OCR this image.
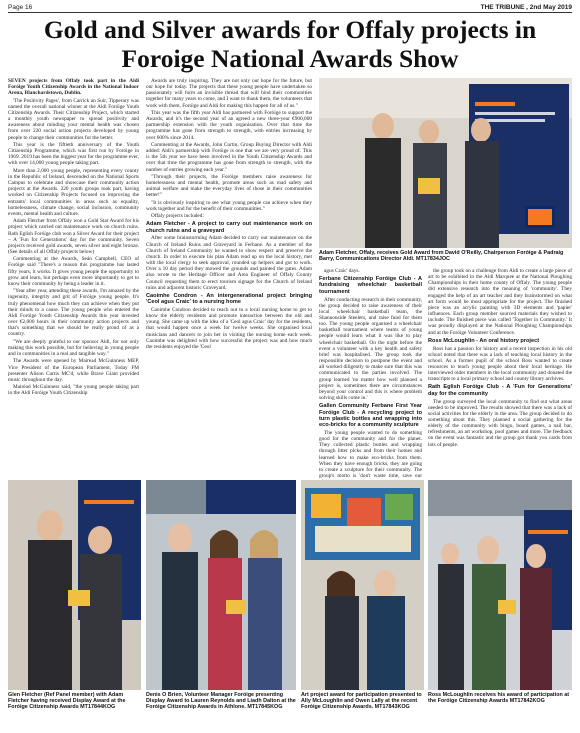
Page 16	THE TRIBUNE , 2nd May 2019
Gold and Silver awards for Offaly projects in Foroige National Awards Show

SEVEN projects from Offaly took part in the Aldi Foróige Youth Citizenship Awards in the National Indoor Arena, Blanchardstown, Dublin.

'The Positivity Pages', from Carrick an Suir, Tipperary was named the overall national winner at the Aldi Foróige Youth Citizenship Awards. Their Citizenship Project, which started a monthly youth newspaper to spread positivity and awareness about minding your mental health was chosen from over 220 social action projects developed by young people to change their communities for the better.

This year is the fiftieth anniversary of the Youth Citizenship Programme, which was first run by Foróige in 1969. 2019 has been the biggest year for the programme ever, with over 14,000 young people taking part.

More than 2,000 young people, representing every county in the Republic of Ireland, descended on the National Sports Campus to celebrate and showcase their community action projects at the Awards. 220 youth groups took part, having worked on Citizenship Projects focused on improving the entrants' local communities in areas such as equality, homelessness, climate change, social inclusion, community events, mental health and culture.

Adam Fletcher from Offaly won a Gold Star Award for his project which carried out maintenance work on church ruins. Rath Eglish Foróige club won a Silver Award for their project – A 'Fun for Generations' day for the community. Seven projects received gold awards, seven silver and eight bronze. (See details of all Offaly projects below)

Commenting at the Awards, Seán Campbell, CEO of Foróige said "There's a reason this programme has lasted fifty years, it works. It gives young people the opportunity to grow and learn, but perhaps even more importantly to get to know their community by being a leader in it.

"Year after year, attending these awards, I'm amazed by the ingenuity, integrity and grit of Foróige young people. It's truly phenomenal how much they can achieve when they put their minds to a cause. The young people who entered the Aldi Foróige Youth Citizenship Awards this year invested over €2,000 hours in their community action projects and that's something that we should be really proud of as a country.

"We are deeply grateful to our sponsor Aldi, for not only making this work possible, but for believing in young people and in communities in a real and tangible way."

The Awards were opened by Mairead McGuinness MEP, Vice President of the European Parliament, Today FM presenter Alison Curtis MC'd, while Brave Giant provided music throughout the day.

Mairéad McGuinness said, "the young people taking part in the Aldi Foróige Youth Citizenship

Awards are truly inspiring. They are not only our hope for the future, but our hope for today. The projects that these young people have undertaken so passionately will form an invisible thread that will bind their communities together for many years to come, and I want to thank them, the volunteers that work with them, Foróige and Aldi for making this happen for all of us."

This year was the fifth year Aldi has partnered with Foróige to support the Awards, and it's the second year of an agreed a new three-year €900,000 partnership extension with the youth organisation. Over that time the programme has gone from strength to strength, with entries increasing by over 600% since 2014.

Commenting at the Awards, John Curtin, Group Buying Director with Aldi added: Aldi's partnership with Foróige is one that we are very proud of. This is the 5th year we have been involved in the Youth Citizenship Awards and over that time the programme has gone from strength to strength, with the number of entries growing each year."

"Through their projects, the Foróige members raise awareness for homelessness and mental health, promote areas such as road safety and animal welfare and make the everyday lives of those in their communities better!"

"It is obviously inspiring to see what young people can achieve when they work together and for the benefit of their communities."

Offaly projects included:

Adam Fletcher - A project to carry out maintenance work on church ruins and a graveyard

After some brainstorming Adam decided to carry out maintenance on the Church of Ireland Ruins and Graveyard in Ferbane. As a member of the Church of Ireland Community he wanted to show respect and preserve the church. In order to execute his plan Adam read up on the local history, met with the local clergy to seek approval, rounded up helpers and got to work. Over a 10 day period they mowed the grounds and painted the gates. Adam also wrote to the Heritage Officer and Area Engineer of Offaly County Council requesting them to erect tourism signage for the Church of Ireland ruins and adjacent historic Graveyard.

Caoimhe Condron - An intergenerational project bringing 'Ceol agus Craic' to a nursing home

Caoimhe Condron decided to reach out to a local nursing home to get to know the elderly residents and promote interaction between the old and young. She came up with the idea of a 'Ceol agus Craic' day for the residents, that would happen once a week for twelve weeks. She organised local musicians and dancers to join her in visiting the nursing home each week. Caoimhe was delighted with how successful the project was and how much the residents enjoyed the 'Ceol

agus Craic' days.

Ferbane Citizenship Foróige Club - A fundraising wheelchair basketball tournament

After conducting research in their community, the group decided to raise awareness of their local wheelchair basketball team, the Shannonside Steelers, and raise fund for them too. The young people organised a wheelchair basketball tournament where teams of young people would learn what it was like to play wheelchair basketball. On the night before the event a volunteer with a key health and safety brief was hospitalised. The group took the responsible decision to postpone the event and all worked diligently to make sure that this was communicated to the parties involved. The group learned 'no matter how well planned a project is, sometimes there are circumstances beyond your control and this is where problem solving skills come in.'

Gallen Community Ferbane First Year Foróige Club - A recycling project to turn plastic bottles and wrapping into eco-bricks for a community sculpture

The young people wanted to do something good for the community and for the planet. They collected plastic bottles and wrapping through litter picks and from their homes and learned how to make eco-bricks from them. When they have enough bricks, they are going to create a sculpture for their community. The group's motto is 'don't waste time, save our

the group took on a challenge from Aldi to create a large piece of art to be exhibited in the Aldi Marquee at the National Ploughing Championships in their home county of Offaly. The young people did extensive research into the meaning of 'community'. They engaged the help of an art teacher and they brainstormed on what art form would be most appropriate for the project. The finished piece was an acrylic painting with 3D elements and 'papier' influences. Each group member sourced materials they wished to include. The finished piece was called 'Together in Community.' It was proudly displayed at the National Ploughing Championships and at the Foróige Volunteer Conference.

Ross McLoughlin - An oral history project

Ross has a passion for history and a recent inspection in his old school noted that there was a lack of teaching local history in the school. As a former pupil of the school Ross wanted to create resources to teach young people about their local heritage. He interviewed older members in the local community and donated the transcripts to a local primary school and county library archives.

Rath Eglish Foróige Club - A 'Fun for Generations' day for the community

The group surveyed the local community to find out what areas needed to be improved. The results showed that there was a lack of social activities for the elderly in the area. The group decided to do something about this. They planned a social gathering for the elderly of the community with bingo, board games, a nail bar, refreshments, an art workshop, pool games and more. The feedback on the event was fantastic and the group got thank you cards from lots of people.

Adam Fletcher, Offaly, receives Gold Award from David O'Reilly, Chairperson Foróige & Padraig Barry, Communications Director Aldi. MT17834JOC
Glen Fletcher (Ref Panel member) with Adam Fletcher having received Display Award at the Foróige Citizenship Awards MT17844KOG
Denis O Brien, Volunteer Manager Foróige presenting Display Award to Lauren Reynolds and Liadh Dalton at the Foróige Citizenship Awards in Athlone. MT17845KOG
Art project award for participation presented to Ally McLoughlin and Owen Lally at the recent Foróige Citizenship Awards. MT17843KOG
Ross McLoughlin receives his award of participation at the Foróige Citizenship Awards MT17842KOG
